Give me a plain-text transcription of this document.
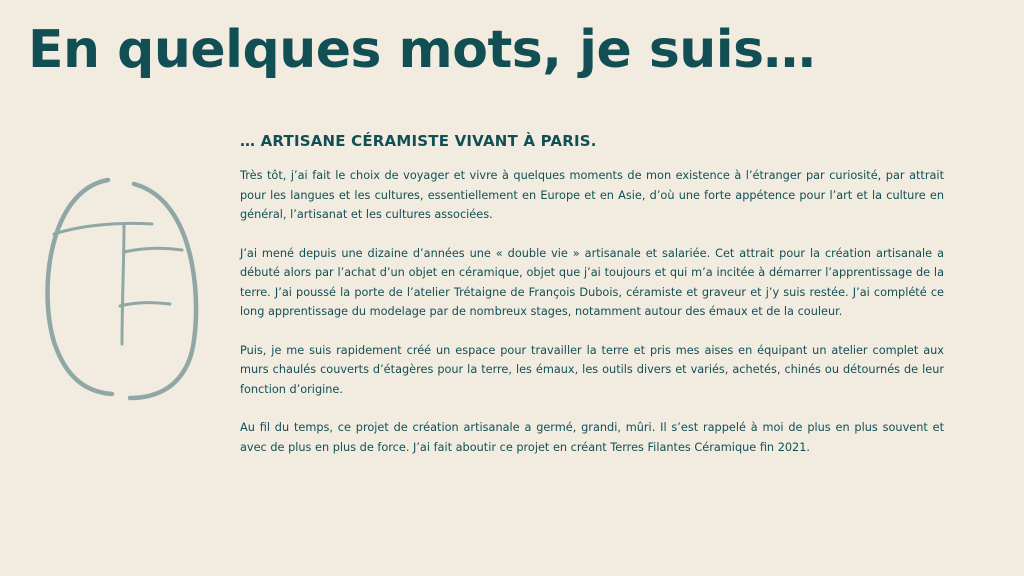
En quelques mots, je suis…
… ARTISANE CÉRAMISTE VIVANT À PARIS.

Très tôt, j’ai fait le choix de voyager et vivre à quelques moments de mon existence à l’étranger par curiosité, par attrait pour les langues et les cultures, essentiellement en Europe et en Asie, d’où une forte appétence pour l’art et la culture en général, l’artisanat et les cultures associées.

J’ai mené depuis une dizaine d’années une « double vie » artisanale et salariée. Cet attrait pour la création artisanale a débuté alors par l’achat d’un objet en céramique, objet que j’ai toujours et qui m’a incitée à démarrer l’apprentissage de la terre. J’ai poussé la porte de l’atelier Trétaigne de François Dubois, céramiste et graveur et j’y suis restée. J’ai complété ce long apprentissage du modelage par de nombreux stages, notamment autour des émaux et de la couleur.

Puis, je me suis rapidement créé un espace pour travailler la terre et pris mes aises en équipant un atelier complet aux murs chaulés couverts d’étagères pour la terre, les émaux, les outils divers et variés, achetés, chinés ou détournés de leur fonction d’origine.

Au fil du temps, ce projet de création artisanale a germé, grandi, mûri. Il s’est rappelé à moi de plus en plus souvent et avec de plus en plus de force. J’ai fait aboutir ce projet en créant Terres Filantes Céramique fin 2021.
